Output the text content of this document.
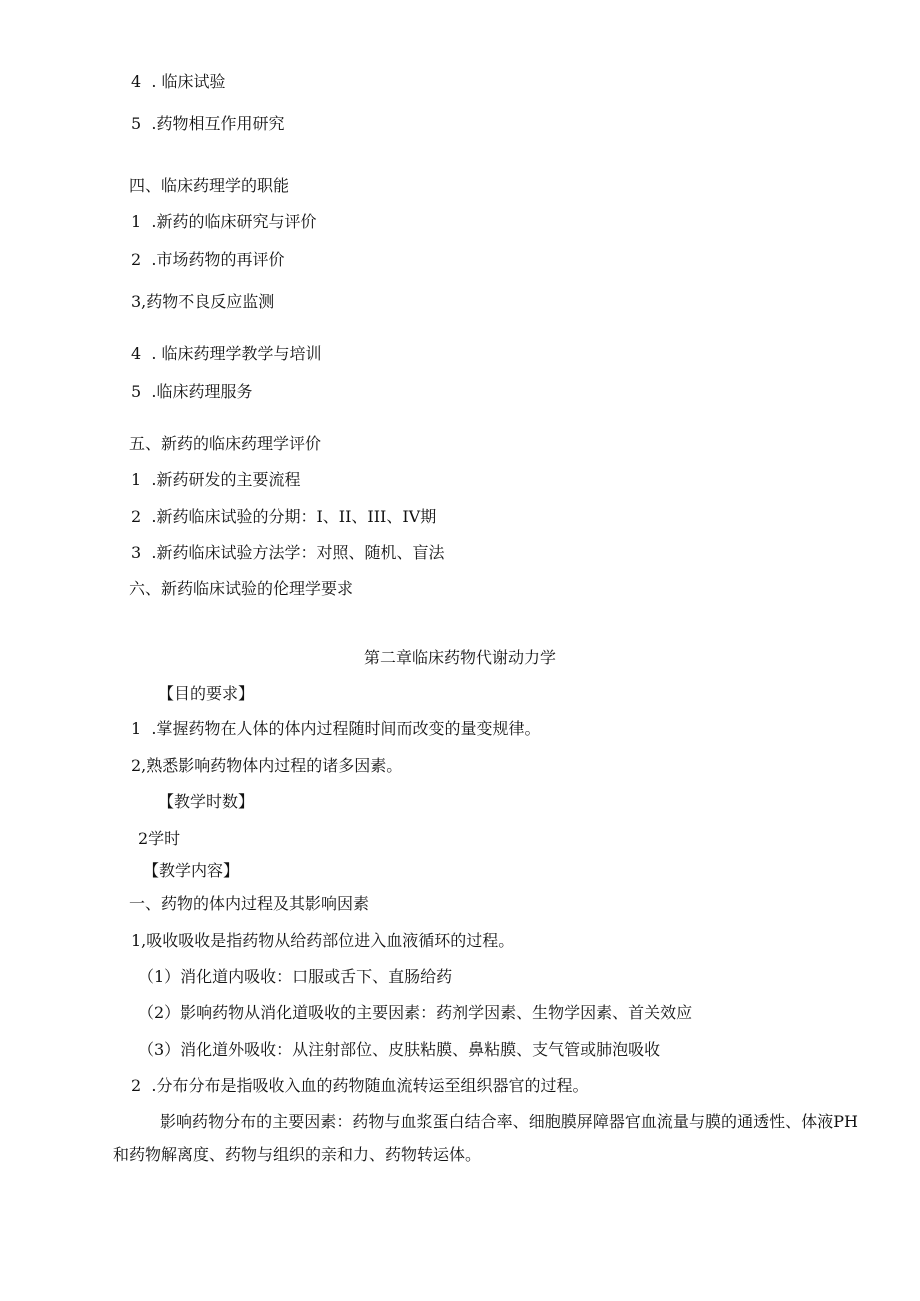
4  . 临床试验
5  .药物相互作用研究
四、临床药理学的职能
1  .新药的临床研究与评价
2  .市场药物的再评价
3,药物不良反应监测
4  . 临床药理学教学与培训
5  .临床药理服务
五、新药的临床药理学评价
1  .新药研发的主要流程
2  .新药临床试验的分期：I、II、III、IV期
3  .新药临床试验方法学：对照、随机、盲法
六、新药临床试验的伦理学要求
第二章临床药物代谢动力学
【目的要求】
1  .掌握药物在人体的体内过程随时间而改变的量变规律。
2,熟悉影响药物体内过程的诸多因素。
【教学时数】
2学时
【教学内容】
一、药物的体内过程及其影响因素
1,吸收吸收是指药物从给药部位进入血液循环的过程。
（1）消化道内吸收：口服或舌下、直肠给药
（2）影响药物从消化道吸收的主要因素：药剂学因素、生物学因素、首关效应
（3）消化道外吸收：从注射部位、皮肤粘膜、鼻粘膜、支气管或肺泡吸收
2  .分布分布是指吸收入血的药物随血流转运至组织器官的过程。
影响药物分布的主要因素：药物与血浆蛋白结合率、细胞膜屏障器官血流量与膜的通透性、体液PH和药物解离度、药物与组织的亲和力、药物转运体。
